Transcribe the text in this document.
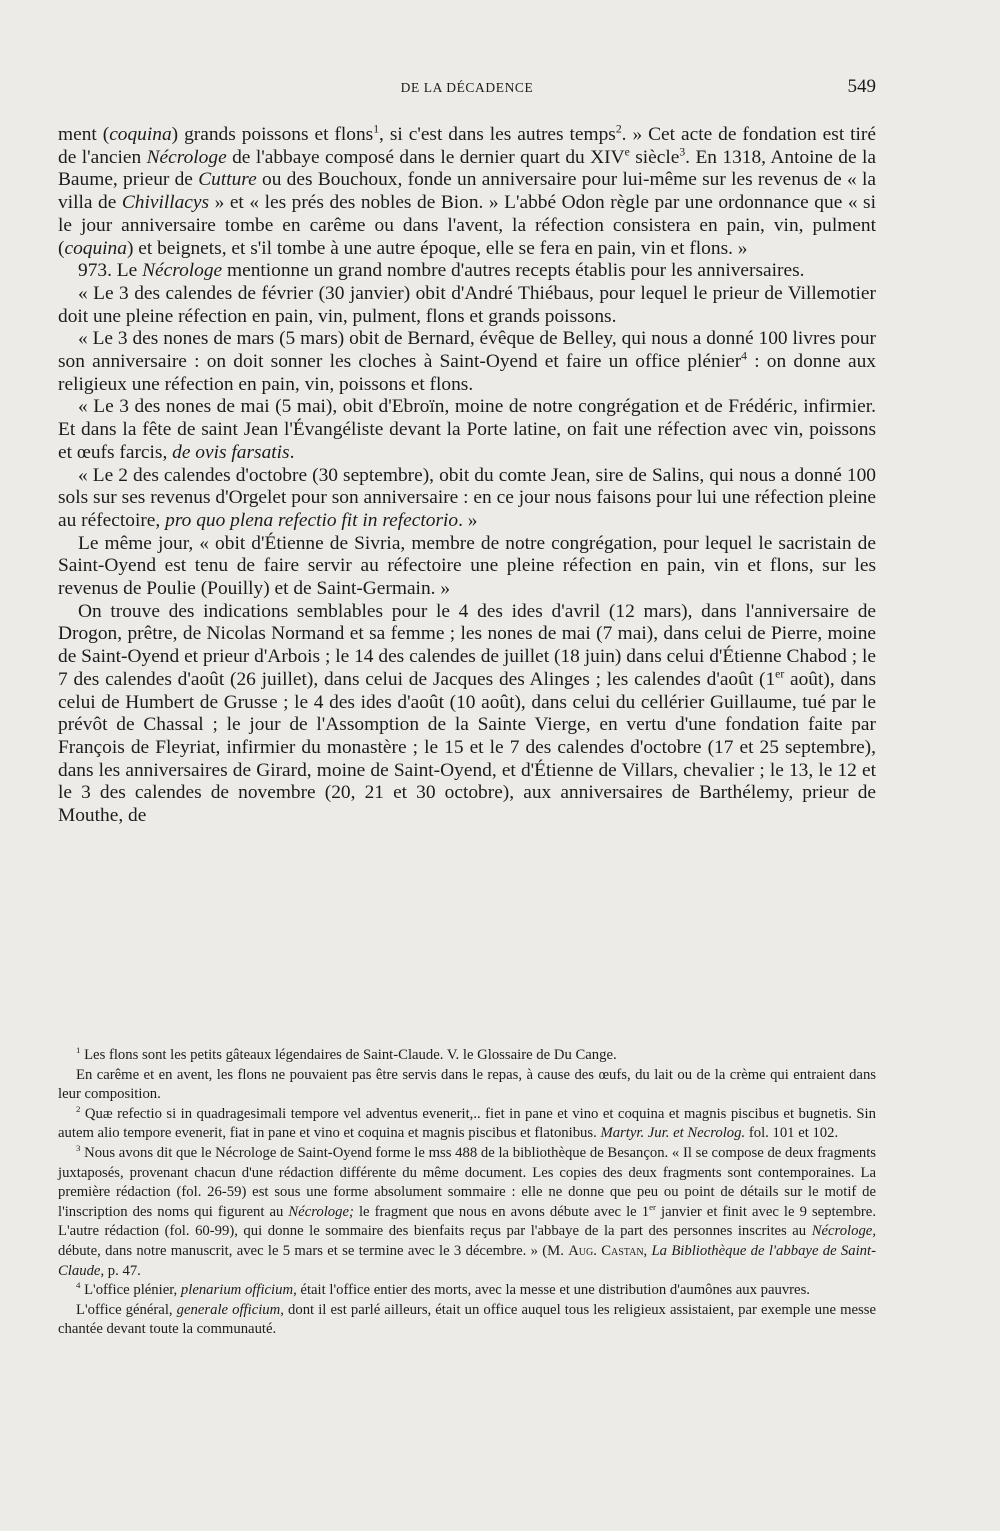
DE LA DÉCADENCE	549

ment (coquina) grands poissons et flons$^1$, si c'est dans les autres temps$^2$. » Cet acte de fondation est tiré de l'ancien Nécrologe de l'abbaye composé dans le dernier quart du XIVe siècle$^3$. En 1318, Antoine de la Baume, prieur de Cutture ou des Bouchoux, fonde un anniversaire pour lui-même sur les revenus de « la villa de Chivillacys » et « les prés des nobles de Bion. » L'abbé Odon règle par une ordonnance que « si le jour anniversaire tombe en carême ou dans l'avent, la réfection consistera en pain, vin, pulment (coquina) et beignets, et s'il tombe à une autre époque, elle se fera en pain, vin et flons. »

973. Le Nécrologe mentionne un grand nombre d'autres recepts établis pour les anniversaires.

« Le 3 des calendes de février (30 janvier) obit d'André Thiébaus, pour lequel le prieur de Villemotier doit une pleine réfection en pain, vin, pulment, flons et grands poissons.

« Le 3 des nones de mars (5 mars) obit de Bernard, évêque de Belley, qui nous a donné 100 livres pour son anniversaire : on doit sonner les cloches à Saint-Oyend et faire un office plénier$^4$ : on donne aux religieux une réfection en pain, vin, poissons et flons.

« Le 3 des nones de mai (5 mai), obit d'Ebroïn, moine de notre congrégation et de Frédéric, infirmier. Et dans la fête de saint Jean l'Évangéliste devant la Porte latine, on fait une réfection avec vin, poissons et œufs farcis, de ovis farsatis.

« Le 2 des calendes d'octobre (30 septembre), obit du comte Jean, sire de Salins, qui nous a donné 100 sols sur ses revenus d'Orgelet pour son anniversaire : en ce jour nous faisons pour lui une réfection pleine au réfectoire, pro quo plena refectio fit in refectorio. »

Le même jour, « obit d'Étienne de Sivria, membre de notre congrégation, pour lequel le sacristain de Saint-Oyend est tenu de faire servir au réfectoire une pleine réfection en pain, vin et flons, sur les revenus de Poulie (Pouilly) et de Saint-Germain. »

On trouve des indications semblables pour le 4 des ides d'avril (12 mars), dans l'anniversaire de Drogon, prêtre, de Nicolas Normand et sa femme ; les nones de mai (7 mai), dans celui de Pierre, moine de Saint-Oyend et prieur d'Arbois ; le 14 des calendes de juillet (18 juin) dans celui d'Étienne Chabod ; le 7 des calendes d'août (26 juillet), dans celui de Jacques des Alinges ; les calendes d'août (1er août), dans celui de Humbert de Grusse ; le 4 des ides d'août (10 août), dans celui du cellérier Guillaume, tué par le prévôt de Chassal ; le jour de l'Assomption de la Sainte Vierge, en vertu d'une fondation faite par François de Fleyriat, infirmier du monastère ; le 15 et le 7 des calendes d'octobre (17 et 25 septembre), dans les anniversaires de Girard, moine de Saint-Oyend, et d'Étienne de Villars, chevalier ; le 13, le 12 et le 3 des calendes de novembre (20, 21 et 30 octobre), aux anniversaires de Barthélemy, prieur de Mouthe, de

$^1$ Les flons sont les petits gâteaux légendaires de Saint-Claude. V. le Glossaire de Du Cange.

En carême et en avent, les flons ne pouvaient pas être servis dans le repas, à cause des œufs, du lait ou de la crème qui entraient dans leur composition.

$^2$ Quæ refectio si in quadragesimali tempore vel adventus evenerit,.. fiet in pane et vino et coquina et magnis piscibus et bugnetis. Sin autem alio tempore evenerit, fiat in pane et vino et coquina et magnis piscibus et flatonibus. Martyr. Jur. et Necrolog. fol. 101 et 102.

$^3$ Nous avons dit que le Nécrologe de Saint-Oyend forme le mss 488 de la bibliothèque de Besançon. « Il se compose de deux fragments juxtaposés, provenant chacun d'une rédaction différente du même document. Les copies des deux fragments sont contemporaines. La première rédaction (fol. 26-59) est sous une forme absolument sommaire : elle ne donne que peu ou point de détails sur le motif de l'inscription des noms qui figurent au Nécrologe; le fragment que nous en avons débute avec le 1er janvier et finit avec le 9 septembre. L'autre rédaction (fol. 60-99), qui donne le sommaire des bienfaits reçus par l'abbaye de la part des personnes inscrites au Nécrologe, débute, dans notre manuscrit, avec le 5 mars et se termine avec le 3 décembre. » (M. Aug. Castan, La Bibliothèque de l'abbaye de Saint-Claude, p. 47.

$^4$ L'office plénier, plenarium officium, était l'office entier des morts, avec la messe et une distribution d'aumônes aux pauvres.

L'office général, generale officium, dont il est parlé ailleurs, était un office auquel tous les religieux assistaient, par exemple une messe chantée devant toute la communauté.
